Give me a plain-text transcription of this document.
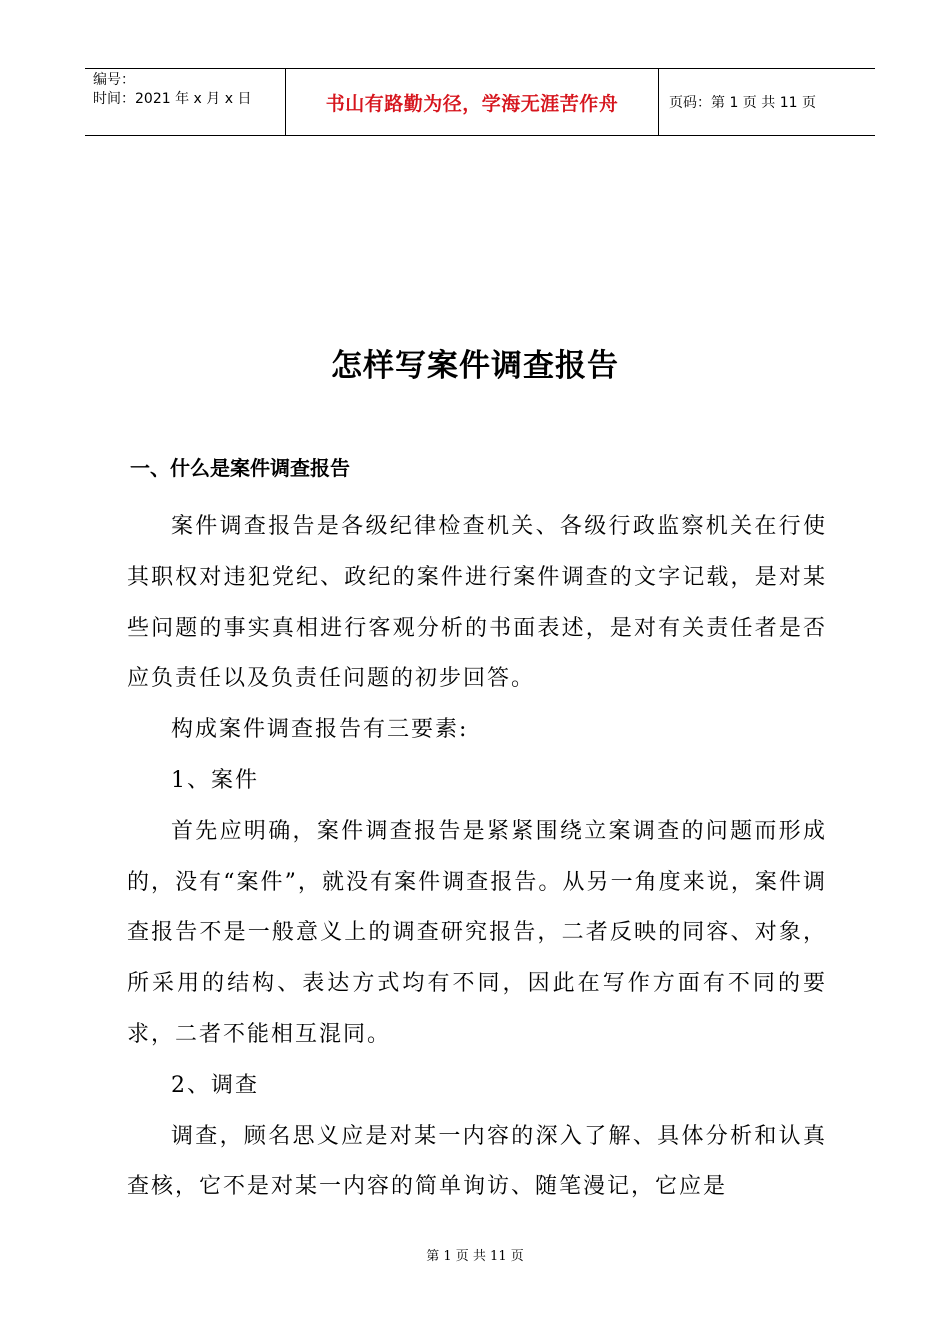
编号：
时间：2021 年 x 月 x 日	书山有路勤为径，学海无涯苦作舟	页码：第 1 页 共 11 页
怎样写案件调查报告
一、什么是案件调查报告

案件调查报告是各级纪律检查机关、各级行政监察机关在行使其职权对违犯党纪、政纪的案件进行案件调查的文字记载，是对某些问题的事实真相进行客观分析的书面表述，是对有关责任者是否应负责任以及负责任问题的初步回答。

构成案件调查报告有三要素:

1、案件

首先应明确，案件调查报告是紧紧围绕立案调查的问题而形成的，没有“案件”，就没有案件调查报告。从另一角度来说，案件调查报告不是一般意义上的调查研究报告，二者反映的同容、对象，所采用的结构、表达方式均有不同，因此在写作方面有不同的要求，二者不能相互混同。

2、调查

调查，顾名思义应是对某一内容的深入了解、具体分析和认真查核，它不是对某一内容的简单询访、随笔漫记，它应是

第 1 页 共 11 页
